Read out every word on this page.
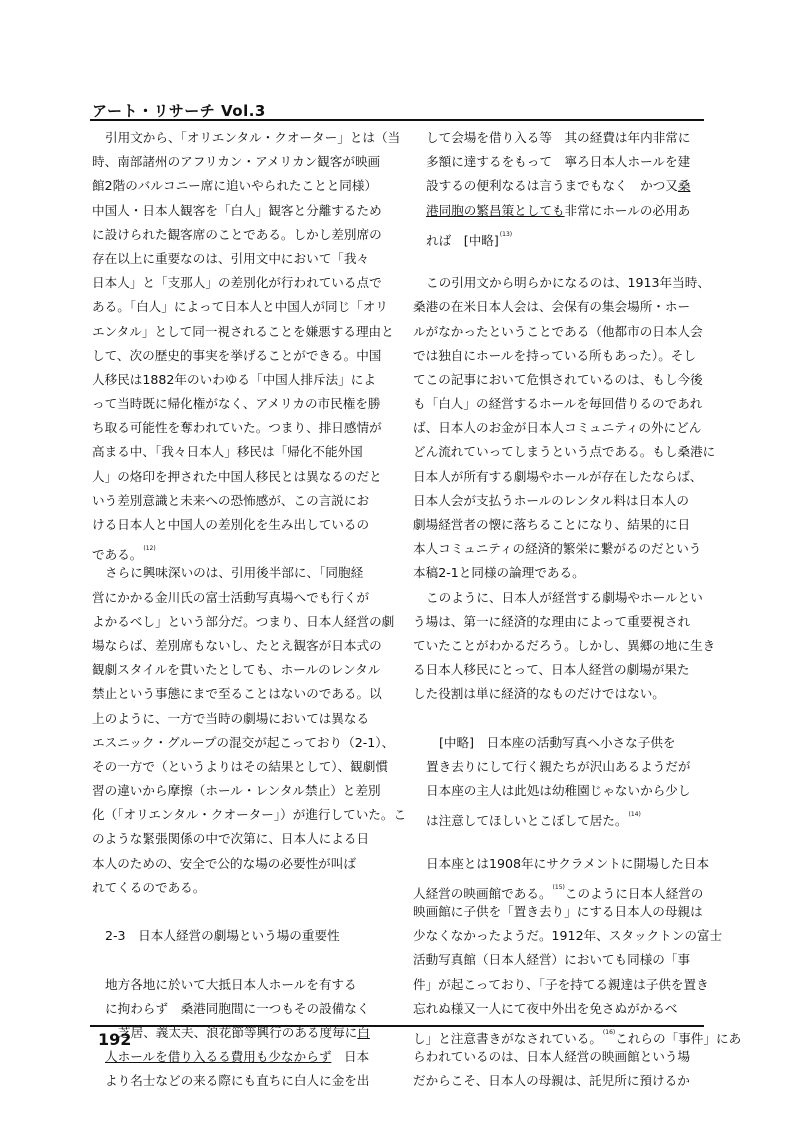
アート・リサーチ Vol.3
引用文から、「オリエンタル・クオーター」とは（当
時、南部諸州のアフリカン・アメリカン観客が映画
館2階のバルコニー席に追いやられたことと同様）
中国人・日本人観客を「白人」観客と分離するため
に設けられた観客席のことである。しかし差別席の
存在以上に重要なのは、引用文中において「我々
日本人」と「支那人」の差別化が行われている点で
ある。「白人」によって日本人と中国人が同じ「オリ
エンタル」として同一視されることを嫌悪する理由と
して、次の歴史的事実を挙げることができる。中国
人移民は1882年のいわゆる「中国人排斥法」によ
って当時既に帰化権がなく、アメリカの市民権を勝
ち取る可能性を奪われていた。つまり、排日感情が
高まる中、「我々日本人」移民は「帰化不能外国
人」の烙印を押された中国人移民とは異なるのだと
いう差別意識と未来への恐怖感が、この言説にお
ける日本人と中国人の差別化を生み出しているの
である。$^{(12)}$
さらに興味深いのは、引用後半部に、「同胞経
営にかかる金川氏の富士活動写真場へでも行くが
よかるべし」という部分だ。つまり、日本人経営の劇
場ならば、差別席もないし、たとえ観客が日本式の
観劇スタイルを貫いたとしても、ホールのレンタル
禁止という事態にまで至ることはないのである。以
上のように、一方で当時の劇場においては異なる
エスニック・グループの混交が起こっており（2-1）、
その一方で（というよりはその結果として）、観劇慣
習の違いから摩擦（ホール・レンタル禁止）と差別
化（「オリエンタル・クオーター」）が進行していた。こ
のような緊張関係の中で次第に、日本人による日
本人のための、安全で公的な場の必要性が叫ば
れてくるのである。
2-3　日本人経営の劇場という場の重要性
地方各地に於いて大抵日本人ホールを有する
に拘わらず　桑港同胞間に一つもその設備なく
芝居、義太夫、浪花節等興行のある度毎に白
人ホールを借り入るる費用も少なからず　日本
より名士などの来る際にも直ちに白人に金を出
して会場を借り入る等　其の経費は年内非常に
多額に達するをもって　寧ろ日本人ホールを建
設するの便利なるは言うまでもなく　かつ又桑
港同胞の繁昌策としても非常にホールの必用あ
れば　[中略]$^{(13)}$
この引用文から明らかになるのは、1913年当時、
桑港の在米日本人会は、会保有の集会場所・ホー
ルがなかったということである（他都市の日本人会
では独自にホールを持っている所もあった）。そし
てこの記事において危惧されているのは、もし今後
も「白人」の経営するホールを毎回借りるのであれ
ば、日本人のお金が日本人コミュニティの外にどん
どん流れていってしまうという点である。もし桑港に
日本人が所有する劇場やホールが存在したならば、
日本人会が支払うホールのレンタル料は日本人の
劇場経営者の懐に落ちることになり、結果的に日
本人コミュニティの経済的繁栄に繋がるのだという
本稿2-1と同様の論理である。
このように、日本人が経営する劇場やホールとい
う場は、第一に経済的な理由によって重要視され
ていたことがわかるだろう。しかし、異郷の地に生き
る日本人移民にとって、日本人経営の劇場が果た
した役割は単に経済的なものだけではない。
[中略]　日本座の活動写真へ小さな子供を
置き去りにして行く親たちが沢山あるようだが
日本座の主人は此処は幼稚園じゃないから少し
は注意してほしいとこぼして居た。$^{(14)}$
日本座とは1908年にサクラメントに開場した日本
人経営の映画館である。$^{(15)}$このように日本人経営の
映画館に子供を「置き去り」にする日本人の母親は
少なくなかったようだ。1912年、スタックトンの富士
活動写真館（日本人経営）においても同様の「事
件」が起こっており、「子を持てる親達は子供を置き
忘れぬ様又一人にて夜中外出を免さぬがかるべ
し」と注意書きがなされている。$^{(16)}$これらの「事件」にあ
らわれているのは、日本人経営の映画館という場
だからこそ、日本人の母親は、託児所に預けるか
192
